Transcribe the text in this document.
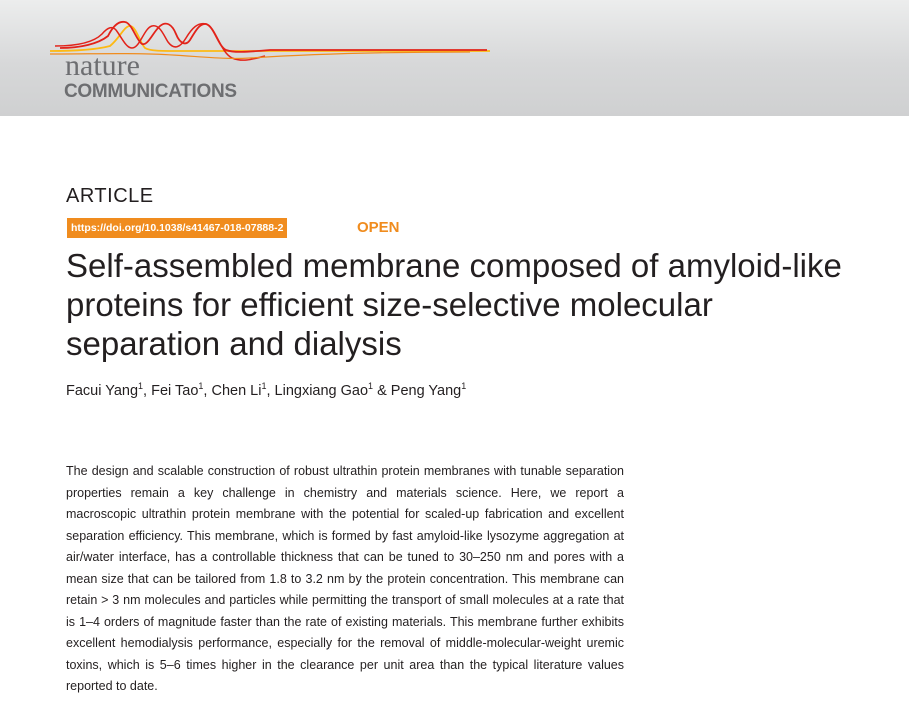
nature
COMMUNICATIONS
ARTICLE
https://doi.org/10.1038/s41467-018-07888-2	OPEN
Self-assembled membrane composed of amyloid-like proteins for efficient size-selective molecular separation and dialysis
Facui Yang$^1$, Fei Tao$^1$, Chen Li$^1$, Lingxiang Gao$^1$ & Peng Yang$^1$

The design and scalable construction of robust ultrathin protein membranes with tunable separation properties remain a key challenge in chemistry and materials science. Here, we report a macroscopic ultrathin protein membrane with the potential for scaled-up fabrication and excellent separation efficiency. This membrane, which is formed by fast amyloid-like lysozyme aggregation at air/water interface, has a controllable thickness that can be tuned to 30–250 nm and pores with a mean size that can be tailored from 1.8 to 3.2 nm by the protein concentration. This membrane can retain > 3 nm molecules and particles while permitting the transport of small molecules at a rate that is 1–4 orders of magnitude faster than the rate of existing materials. This membrane further exhibits excellent hemodialysis performance, especially for the removal of middle-molecular-weight uremic toxins, which is 5–6 times higher in the clearance per unit area than the typical literature values reported to date.
